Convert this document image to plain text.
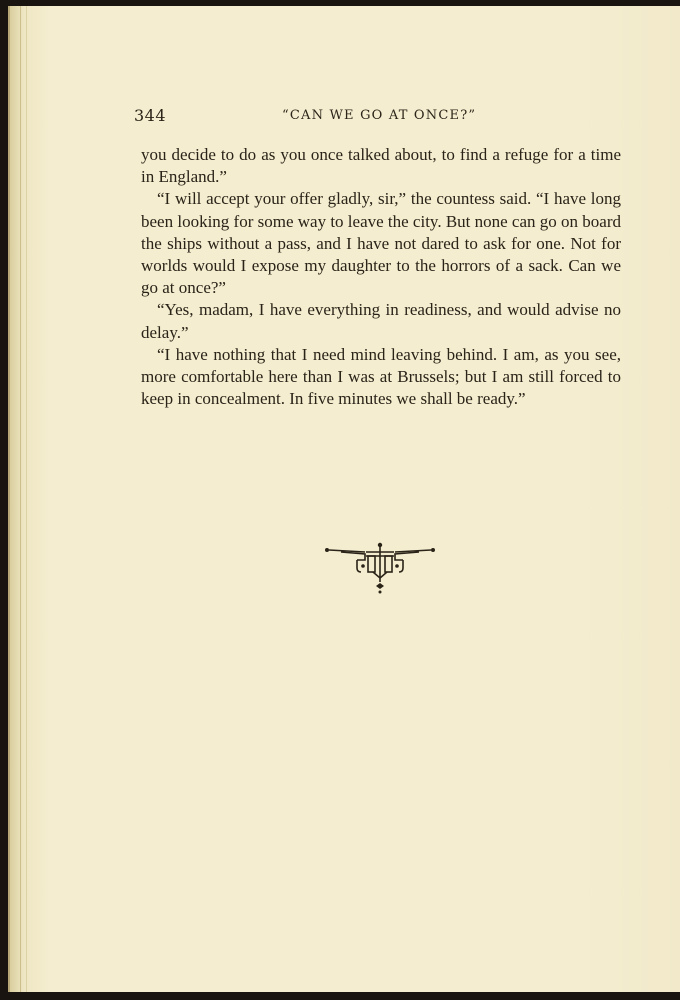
344	“CAN WE GO AT ONCE?”

you decide to do as you once talked about, to find a refuge for a time in England.”

“I will accept your offer gladly, sir,” the countess said. “I have long been looking for some way to leave the city. But none can go on board the ships without a pass, and I have not dared to ask for one. Not for worlds would I expose my daughter to the horrors of a sack. Can we go at once?”

“Yes, madam, I have everything in readiness, and would advise no delay.”

“I have nothing that I need mind leaving behind. I am, as you see, more comfortable here than I was at Brussels; but I am still forced to keep in concealment. In five minutes we shall be ready.”
